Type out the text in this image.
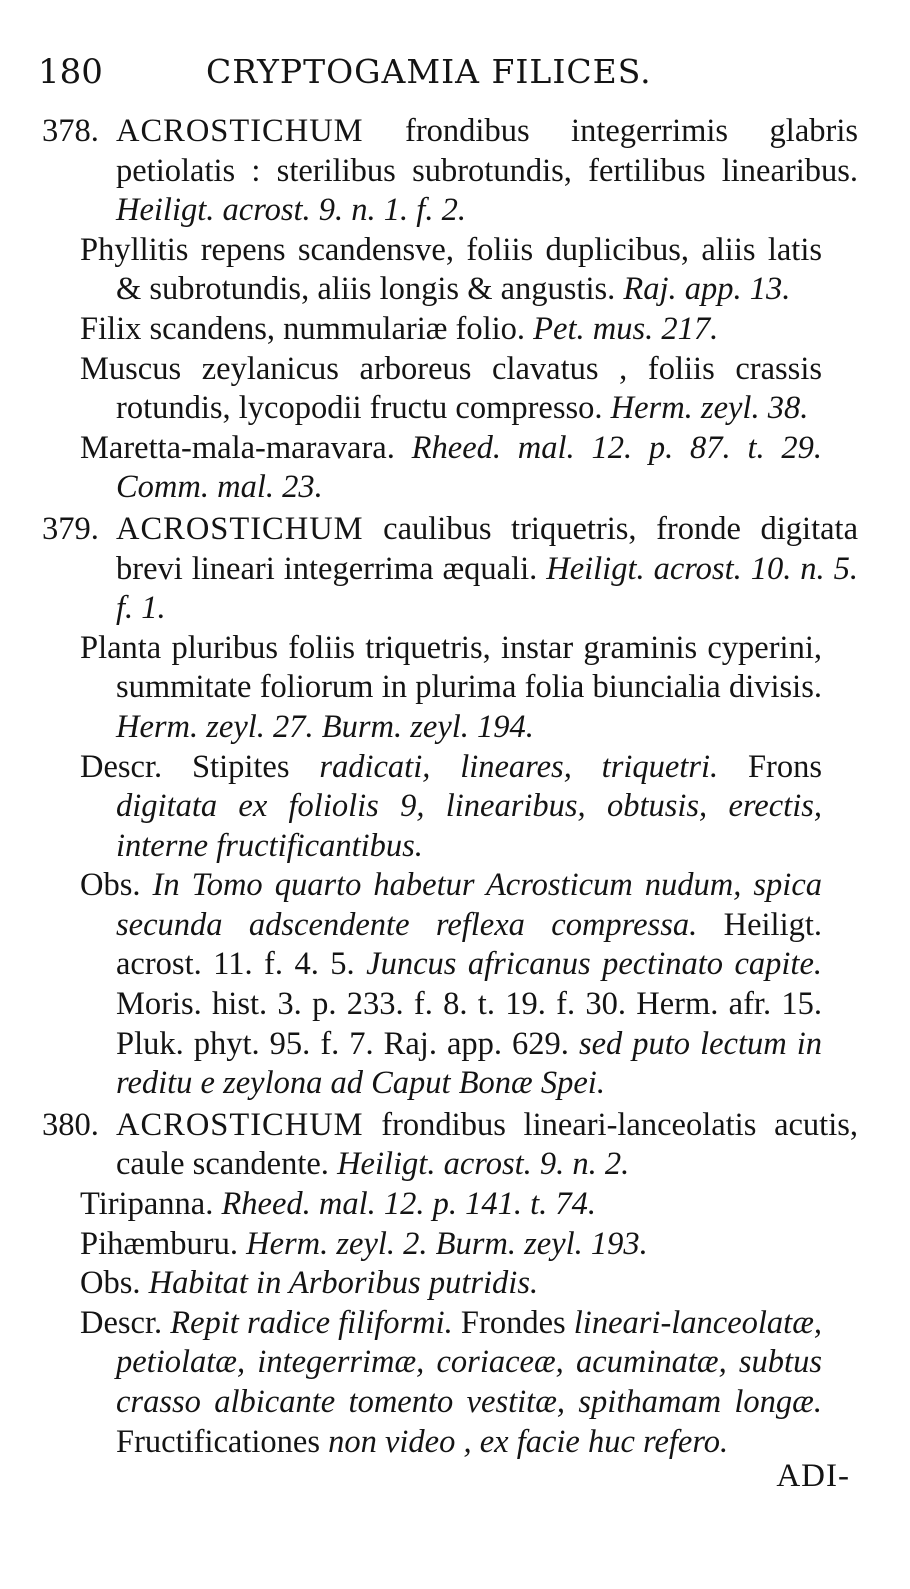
180	CRYPTOGAMIA FILICES.
378. ACROSTICHUM frondibus integerrimis glabris petiolatis : sterilibus subrotundis, fertilibus linearibus. Heiligt. acrost. 9. n. 1. f. 2.
Phyllitis repens scandensve, foliis duplicibus, aliis latis & subrotundis, aliis longis & angustis. Raj. app. 13.
Filix scandens, nummulariæ folio. Pet. mus. 217.
Muscus zeylanicus arboreus clavatus , foliis crassis rotundis, lycopodii fructu compresso. Herm. zeyl. 38.
Maretta-mala-maravara. Rheed. mal. 12. p. 87. t. 29. Comm. mal. 23.
379. ACROSTICHUM caulibus triquetris, fronde digitata brevi lineari integerrima æquali. Heiligt. acrost. 10. n. 5. f. 1.
Planta pluribus foliis triquetris, instar graminis cyperini, summitate foliorum in plurima folia biuncialia divisis. Herm. zeyl. 27. Burm. zeyl. 194.
Descr. Stipites radicati, lineares, triquetri. Frons digitata ex foliolis 9, linearibus, obtusis, erectis, interne fructificantibus.
Obs. In Tomo quarto habetur Acrosticum nudum, spica secunda adscendente reflexa compressa. Heiligt. acrost. 11. f. 4. 5. Juncus africanus pectinato capite. Moris. hist. 3. p. 233. f. 8. t. 19. f. 30. Herm. afr. 15. Pluk. phyt. 95. f. 7. Raj. app. 629. sed puto lectum in reditu e zeylona ad Caput Bonæ Spei.
380. ACROSTICHUM frondibus lineari-lanceolatis acutis, caule scandente. Heiligt. acrost. 9. n. 2.
Tiripanna. Rheed. mal. 12. p. 141. t. 74.
Pihæmburu. Herm. zeyl. 2. Burm. zeyl. 193.
Obs. Habitat in Arboribus putridis.
Descr. Repit radice filiformi. Frondes lineari-lanceolatæ, petiolatæ, integerrimæ, coriaceæ, acuminatæ, subtus crasso albicante tomento vestitæ, spithamam longæ. Fructificationes non video , ex facie huc refero.
ADI-
